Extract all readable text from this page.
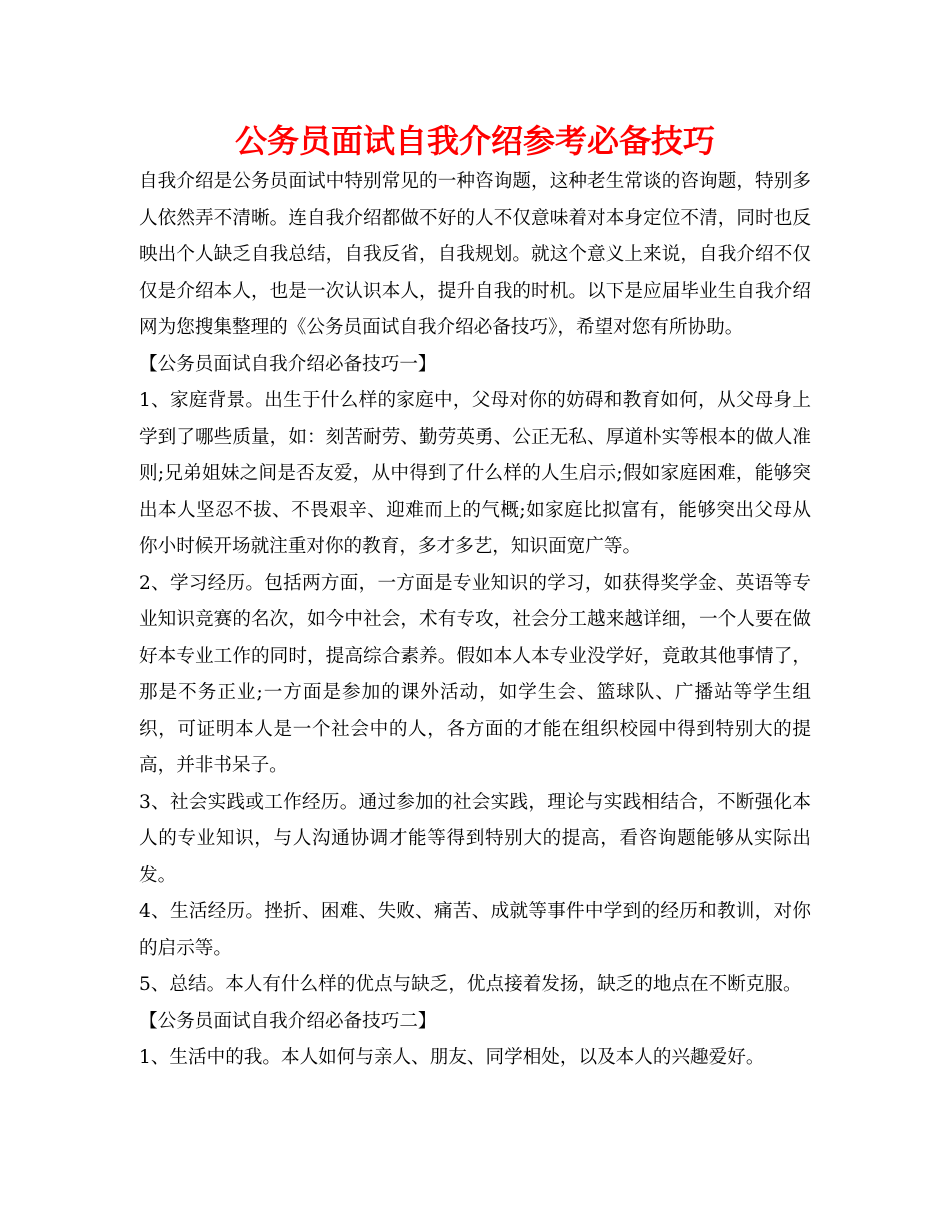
公务员面试自我介绍参考必备技巧

自我介绍是公务员面试中特别常见的一种咨询题，这种老生常谈的咨询题，特别多人依然弄不清晰。连自我介绍都做不好的人不仅意味着对本身定位不清，同时也反映出个人缺乏自我总结，自我反省，自我规划。就这个意义上来说，自我介绍不仅仅是介绍本人，也是一次认识本人，提升自我的时机。以下是应届毕业生自我介绍网为您搜集整理的《公务员面试自我介绍必备技巧》，希望对您有所协助。

【公务员面试自我介绍必备技巧一】

1、家庭背景。出生于什么样的家庭中，父母对你的妨碍和教育如何，从父母身上学到了哪些质量，如：刻苦耐劳、勤劳英勇、公正无私、厚道朴实等根本的做人准则;兄弟姐妹之间是否友爱，从中得到了什么样的人生启示;假如家庭困难，能够突出本人坚忍不拔、不畏艰辛、迎难而上的气概;如家庭比拟富有，能够突出父母从你小时候开场就注重对你的教育，多才多艺，知识面宽广等。

2、学习经历。包括两方面，一方面是专业知识的学习，如获得奖学金、英语等专业知识竞赛的名次，如今中社会，术有专攻，社会分工越来越详细，一个人要在做好本专业工作的同时，提高综合素养。假如本人本专业没学好，竟敢其他事情了，那是不务正业;一方面是参加的课外活动，如学生会、篮球队、广播站等学生组织，可证明本人是一个社会中的人，各方面的才能在组织校园中得到特别大的提高，并非书呆子。

3、社会实践或工作经历。通过参加的社会实践，理论与实践相结合，不断强化本人的专业知识，与人沟通协调才能等得到特别大的提高，看咨询题能够从实际出发。

4、生活经历。挫折、困难、失败、痛苦、成就等事件中学到的经历和教训，对你的启示等。

5、总结。本人有什么样的优点与缺乏，优点接着发扬，缺乏的地点在不断克服。

【公务员面试自我介绍必备技巧二】

1、生活中的我。本人如何与亲人、朋友、同学相处，以及本人的兴趣爱好。
